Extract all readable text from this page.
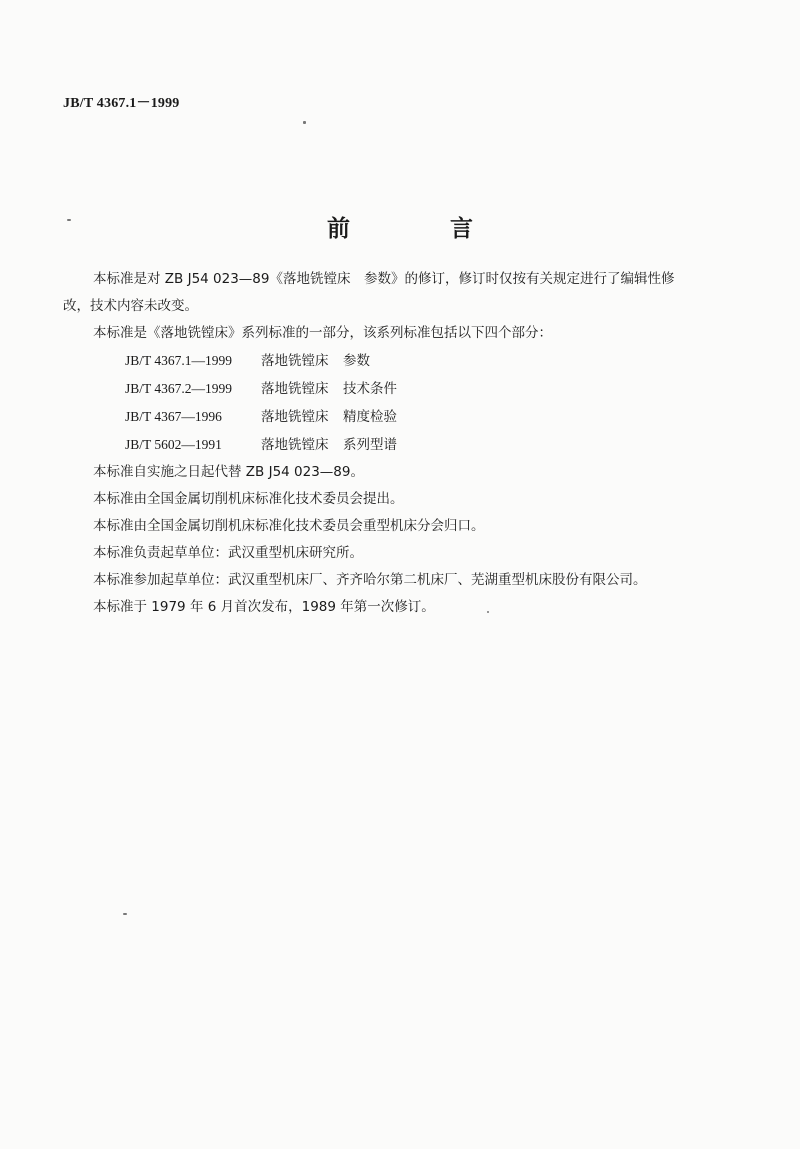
JB/T 4367.1－1999
前 言

本标准是对 ZB J54 023—89《落地铣镗床　参数》的修订，修订时仅按有关规定进行了编辑性修

改，技术内容未改变。

本标准是《落地铣镗床》系列标准的一部分，该系列标准包括以下四个部分：

JB/T 4367.1—1999 落地铣镗床 参数
JB/T 4367.2—1999 落地铣镗床 技术条件
JB/T 4367—1996	落地铣镗床 精度检验
JB/T 5602—1991	落地铣镗床 系列型谱

本标准自实施之日起代替 ZB J54 023—89。

本标准由全国金属切削机床标准化技术委员会提出。

本标准由全国金属切削机床标准化技术委员会重型机床分会归口。

本标准负责起草单位：武汉重型机床研究所。

本标准参加起草单位：武汉重型机床厂、齐齐哈尔第二机床厂、芜湖重型机床股份有限公司。

本标准于 1979 年 6 月首次发布，1989 年第一次修订。
